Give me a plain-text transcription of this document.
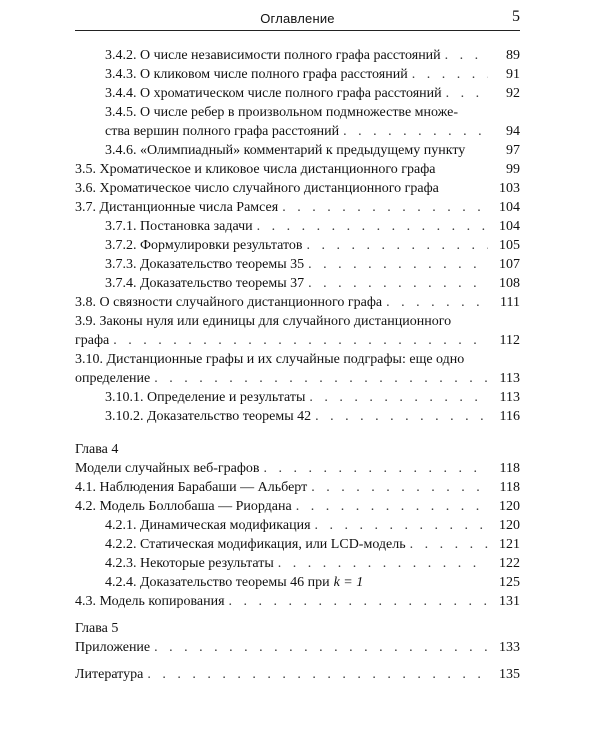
Оглавление	5
3.4.2. О числе независимости полного графа расстояний . . .	89
3.4.3. О кликовом числе полного графа расстояний . . .	91
3.4.4. О хроматическом числе полного графа расстояний . . .	92
3.4.5. О числе ребер в произвольном подмножестве множе-
ства вершин полного графа расстояний . . .	94
3.4.6. «Олимпиадный» комментарий к предыдущему пункту	97
3.5. Хроматическое и кликовое числа дистанционного графа	99
3.6. Хроматическое число случайного дистанционного графа	103
3.7. Дистанционные числа Рамсея . . .	104
3.7.1. Постановка задачи . . .	104
3.7.2. Формулировки результатов . . .	105
3.7.3. Доказательство теоремы 35 . . .	107
3.7.4. Доказательство теоремы 37 . . .	108
3.8. О связности случайного дистанционного графа . . .	111
3.9. Законы нуля или единицы для случайного дистанционного
графа . . .	112
3.10. Дистанционные графы и их случайные подграфы: еще одно
определение . . .	113
3.10.1. Определение и результаты . . .	113
3.10.2. Доказательство теоремы 42 . . .	116
Глава 4
Модели случайных веб-графов . . .	118
4.1. Наблюдения Барабаши — Альберт . . .	118
4.2. Модель Боллобаша — Риордана . . .	120
4.2.1. Динамическая модификация . . .	120
4.2.2. Статическая модификация, или LCD-модель . . .	121
4.2.3. Некоторые результаты . . .	122
4.2.4. Доказательство теоремы 46 при k = 1	125
4.3. Модель копирования . . .	131
Глава 5
Приложение . . .	133
Литература . . .	135
